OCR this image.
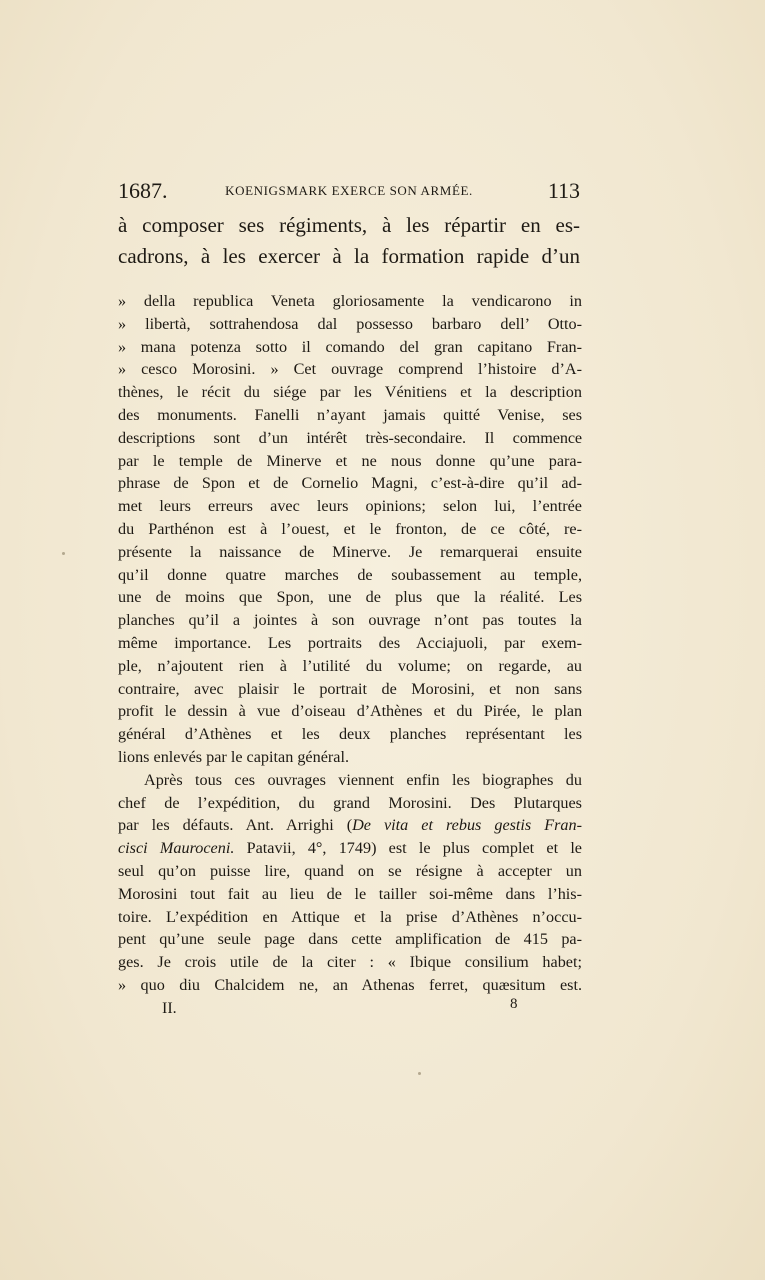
1687.	KOENIGSMARK EXERCE SON ARMÉE.	113
à composer ses régiments, à les répartir en es-
cadrons, à les exercer à la formation rapide d’un
» della republica Veneta gloriosamente la vendicarono in
» libertà, sottrahendosa dal possesso barbaro dell’ Otto-
» mana potenza sotto il comando del gran capitano Fran-
» cesco Morosini. » Cet ouvrage comprend l’histoire d’A-
thènes, le récit du siége par les Vénitiens et la description
des monuments. Fanelli n’ayant jamais quitté Venise, ses
descriptions sont d’un intérêt très-secondaire. Il commence
par le temple de Minerve et ne nous donne qu’une para-
phrase de Spon et de Cornelio Magni, c’est-à-dire qu’il ad-
met leurs erreurs avec leurs opinions; selon lui, l’entrée
du Parthénon est à l’ouest, et le fronton, de ce côté, re-
présente la naissance de Minerve. Je remarquerai ensuite
qu’il donne quatre marches de soubassement au temple,
une de moins que Spon, une de plus que la réalité. Les
planches qu’il a jointes à son ouvrage n’ont pas toutes la
même importance. Les portraits des Acciajuoli, par exem-
ple, n’ajoutent rien à l’utilité du volume; on regarde, au
contraire, avec plaisir le portrait de Morosini, et non sans
profit le dessin à vue d’oiseau d’Athènes et du Pirée, le plan
général d’Athènes et les deux planches représentant les
lions enlevés par le capitan général.
Après tous ces ouvrages viennent enfin les biographes du
chef de l’expédition, du grand Morosini. Des Plutarques
par les défauts. Ant. Arrighi (De vita et rebus gestis Fran-
cisci Mauroceni. Patavii, 4°, 1749) est le plus complet et le
seul qu’on puisse lire, quand on se résigne à accepter un
Morosini tout fait au lieu de le tailler soi-même dans l’his-
toire. L’expédition en Attique et la prise d’Athènes n’occu-
pent qu’une seule page dans cette amplification de 415 pa-
ges. Je crois utile de la citer : « Ibique consilium habet;
» quo diu Chalcidem ne, an Athenas ferret, quæsitum est.
II.	8
